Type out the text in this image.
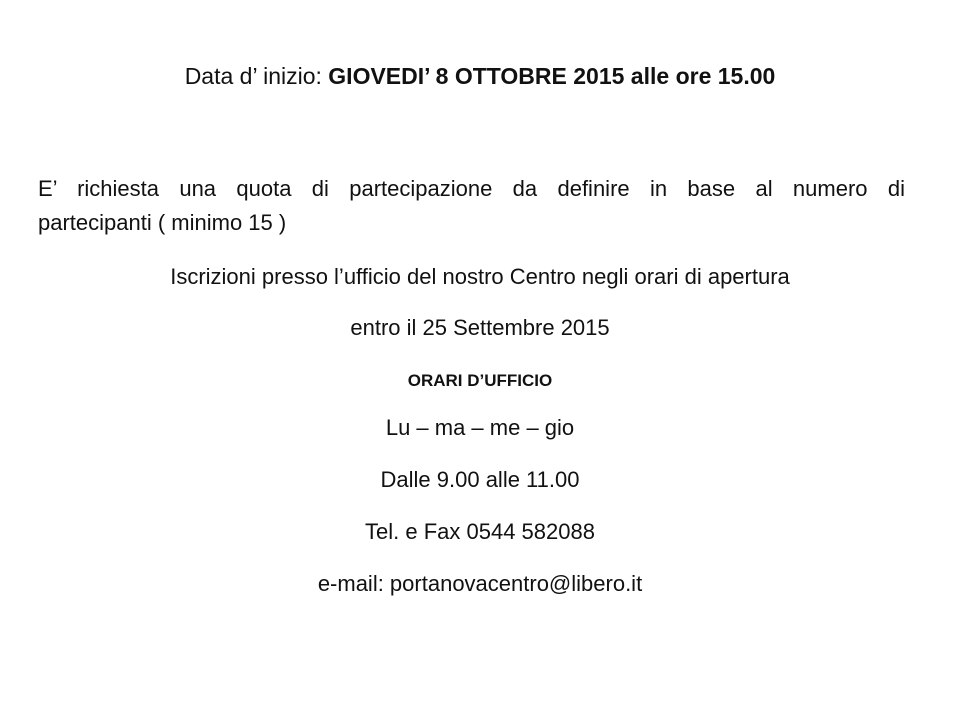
Data d’ inizio: GIOVEDI’ 8 OTTOBRE 2015 alle ore 15.00
E’ richiesta una quota di partecipazione da definire in base al numero di
partecipanti ( minimo 15 )
Iscrizioni presso l’ufficio del nostro Centro negli orari di apertura
entro il 25 Settembre 2015
ORARI D’UFFICIO
Lu – ma – me – gio
Dalle 9.00 alle 11.00
Tel. e Fax 0544 582088
e-mail: portanovacentro@libero.it
